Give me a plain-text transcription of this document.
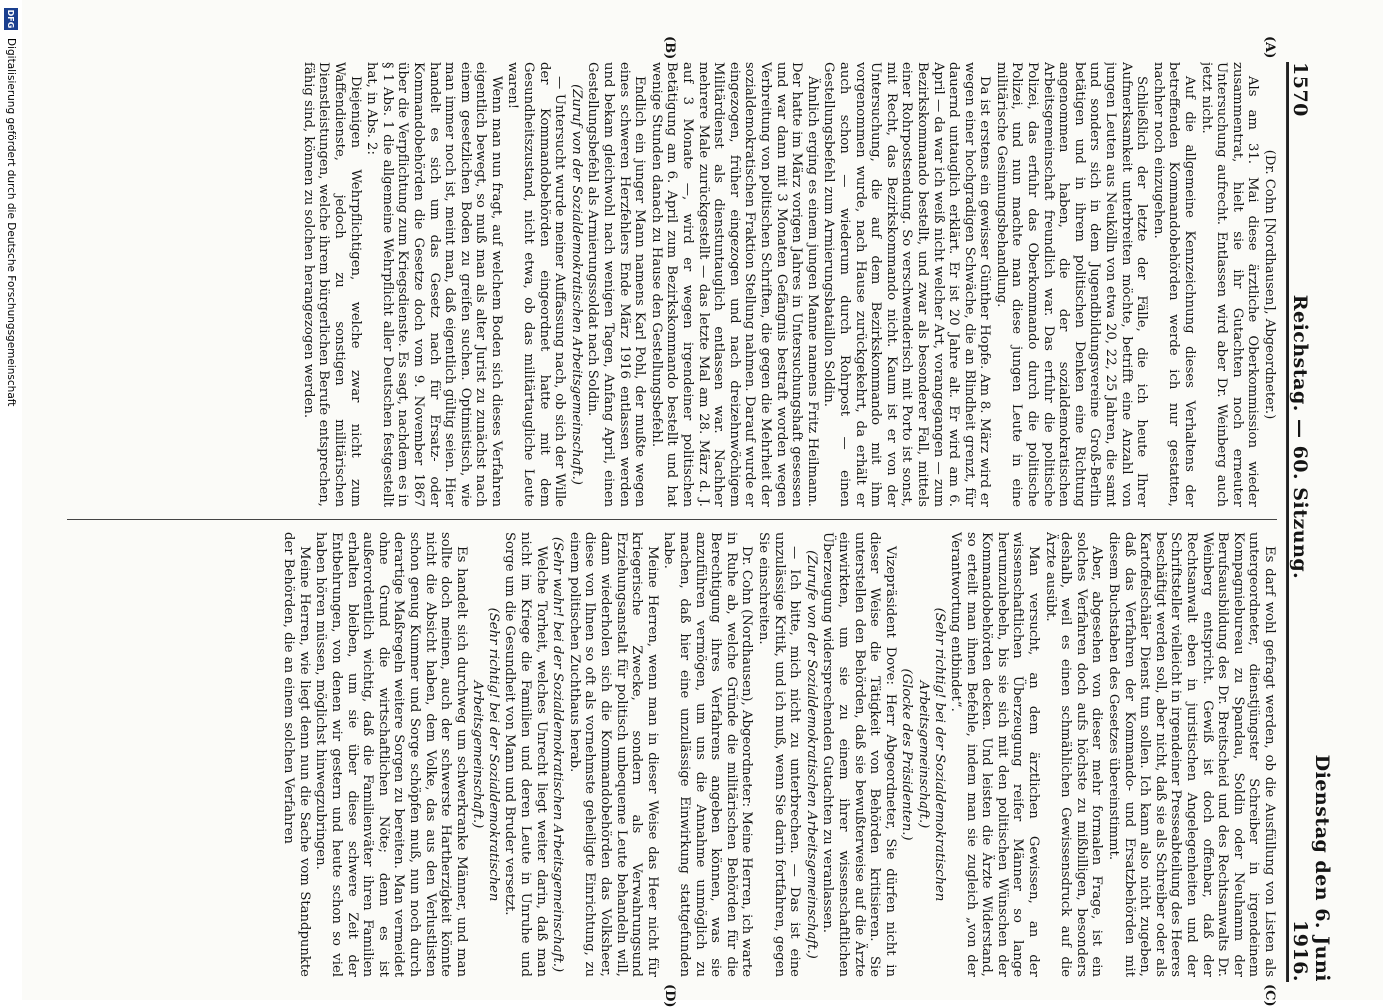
1570
Reichstag. — 60. Sitzung.
Dienstag den 6. Juni 1916.
(A)
(B)
(C)
(D)

(Dr. Cohn [Nordhausen], Abgeordneter.)

Als am 31. Mai diese ärztliche Oberkommission wieder zusammentrat, hielt sie ihr Gutachten noch erneuter Untersuchung aufrecht. Entlassen wird aber Dr. Weinberg auch jetzt nicht.

Auf die allgemeine Kennzeichnung dieses Verhaltens der betreffenden Kommandobehörden werde ich nur gestatten, nachher noch einzugehen.

Schließlich der letzte der Fälle, die ich heute Ihrer Aufmerksamkeit unterbreiten möchte, betrifft eine Anzahl von jungen Leuten aus Neukölln von etwa 20, 22, 25 Jahren, die samt und sonders sich in dem Jugendbildungsvereine Groß-Berlin betätigen und in ihrem politischen Denken eine Richtung angenommen haben, die der sozialdemokratischen Arbeitsgemeinschaft freundlich war. Das erfuhr die politische Polizei, das erfuhr das Oberkommando durch die politische Polizei, und nun machte man diese jungen Leute in eine militärische Gesinnungsbehandlung.

Da ist erstens ein gewisser Günther Hopfe. Am 8. März wird er wegen einer hochgradigen Schwäche, die an Blindheit grenzt, für dauernd untauglich erklärt. Er ist 20 Jahre alt. Er wird am 6. April — da war ich weiß nicht welcher Art, vorangegangen — zum Bezirkskommando bestellt, und zwar als besonderer Fall, mittels einer Rohrpostsendung. So verschwenderisch mit Porto ist sonst, mit Recht, das Bezirkskommando nicht. Kaum ist er von der Untersuchung, die auf dem Bezirkskommando mit ihm vorgenommen wurde, nach Hause zurückgekehrt, da erhält er auch schon — wiederum durch Rohrpost — einen Gestellungsbefehl zum Armierungsbataillon Soldin.

Ähnlich erging es einem jungen Manne namens Fritz Heilmann. Der hatte im März vorigen Jahres in Untersuchungshaft gesessen und war dann mit 3 Monaten Gefängnis bestraft worden wegen Verbreitung von politischen Schriften, die gegen die Mehrheit der sozialdemokratischen Fraktion Stellung nahmen. Darauf wurde er eingezogen, früher eingezogen und nach dreizehnwöchigem Militärdienst als dienstuntauglich entlassen war. Nachher mehrere Male zurückgestellt — das letzte Mal am 28. März d. J. auf 3 Monate —, wird er wegen irgendeiner politischen Betätigung am 6. April zum Bezirkskommando bestellt und hat wenige Stunden danach zu Hause den Gestellungsbefehl.

Endlich ein junger Mann namens Karl Pohl, der mußte wegen eines schweren Herzfehlers Ende März 1916 entlassen werden und bekam gleichwohl nach wenigen Tagen, Anfang April, einen Gestellungsbefehl als Armierungssoldat nach Soldin.

(Zuruf von der Sozialdemokratischen Arbeitsgemeinschaft.)

— Untersucht wurde meiner Auffassung nach, ob sich der Wille der Kommandobehörden eingeordnet hatte mit dem Gesundheitszustand, nicht etwa, ob das militärtaugliche Leute waren!

Wenn man nun fragt, auf welchem Boden sich dieses Verfahren eigentlich bewegt, so muß man als alter Jurist zu zunächst nach einem gesetzlichen Boden zu greifen suchen. Optimistisch, wie man immer noch ist, meint man, daß eigentlich gültig seien. Hier handelt es sich um das Gesetz nach für Ersatz- oder Kommandobehörden die Gesetze doch vom 9. November 1867 über die Verpflichtung zum Kriegsdienste. Es sagt, nachdem es in § 1 Abs. 1 die allgemeine Wehrpflicht aller Deutschen festgestellt hat, in Abs. 2:

Diejenigen Wehrpflichtigen, welche zwar nicht zum Waffendienste, jedoch zu sonstigen militärischen Dienstleistungen, welche ihrem bürgerlichen Berufe entsprechen, fähig sind, können zu solchen herangezogen werden.

Es darf wohl gefragt werden, ob die Ausfüllung von Listen als untergeordneter, dienstjüngster Schreiber in irgendeinem Kompagniebureau zu Spandau, Soldin oder Neuhamm der Berufsausbildung des Dr. Breitscheid und des Rechtsanwalts Dr. Weinberg entspricht. Gewiß ist doch offenbar, daß der Rechtsanwalt eben in juristischen Angelegenheiten und der Schriftsteller vielleicht in irgendeiner Presseabteilung des Heeres beschäftigt werden soll, aber nicht, daß sie als Schreiber oder als Kartoffelschäler Dienst tun sollen. Ich kann also nicht zugeben, daß das Verfahren der Kommando- und Ersatzbehörden mit diesem Buchstaben des Gesetzes übereinstimmt.

Aber, abgesehen von dieser mehr formalen Frage, ist ein solches Verfahren doch aufs höchste zu mißbilligen, besonders deshalb, weil es einen schmählichen Gewissensdruck auf die Ärzte ausübt.

Man versucht, an dem ärztlichen Gewissen, an der wissenschaftlichen Überzeugung reifer Männer so lange herumzuhebeln, bis sie sich mit den politischen Wünschen der Kommandobehörden decken. Und leisten die Ärzte Widerstand, so erteilt man ihnen Befehle, indem man sie zugleich „von der Verantwortung entbindet“.

(Sehr richtig! bei der Sozialdemokratischen Arbeitsgemeinschaft.)

(Glocke des Präsidenten.)

Vizepräsident Dove: Herr Abgeordneter, Sie dürfen nicht in dieser Weise die Tätigkeit von Behörden kritisieren. Sie unterstellen den Behörden, daß sie bewußterweise auf die Ärzte einwirkten, um sie zu einem ihrer wissenschaftlichen Überzeugung widersprechenden Gutachten zu veranlassen.

(Zurufe von der Sozialdemokratischen Arbeitsgemeinschaft.)

— Ich bitte, mich nicht zu unterbrechen. — Das ist eine unzulässige Kritik, und ich muß, wenn Sie darin fortfahren, gegen Sie einschreiten.

Dr. Cohn (Nordhausen), Abgeordneter: Meine Herren, ich warte in Ruhe ab, welche Gründe die militärischen Behörden für die Berechtigung ihres Verfahrens angeben können, was sie anzuführen vermögen, um uns die Annahme unmöglich zu machen, daß hier eine unzulässige Einwirkung stattgefunden habe.

Meine Herren, wenn man in dieser Weise das Heer nicht für kriegerische Zwecke, sondern als Verwahrungsund Erziehungsanstalt für politisch unbequeme Leute behandeln will, dann wiederholen sich die Kommandobehörden das Volksheer, diese von Ihnen so oft als vornehmste geheiligte Einrichtung, zu einem politischen Zuchthaus herab.

(Sehr wahr! bei der Sozialdemokratischen Arbeitsgemeinschaft.)

Welche Torheit, welches Unrecht liegt weiter darin, daß man nicht im Kriege die Familien und deren Leute in Unruhe und Sorge um die Gesundheit von Mann und Bruder versetzt.

(Sehr richtig! bei der Sozialdemokratischen Arbeitsgemeinschaft.)

Es handelt sich durchweg um schwerkranke Männer, und man sollte doch meinen, auch der schwerste Hartherzigkeit könnte nicht die Absicht haben, dem Volke, das aus den Verlustlisten schon genug Kummer und Sorge schöpfen muß, nun noch durch derartige Maßregeln weitere Sorgen zu bereiten. Man vermeidet ohne Grund die wirtschaftlichen Nöte; denn es ist außerordentlich wichtig, daß die Familienväter ihren Familien erhalten bleiben, um sie über diese schwere Zeit der Entbehrungen, von denen wir gestern und heute schon so viel haben hören müssen, möglichst hinwegzubringen.

Meine Herren, wie liegt denn nun die Sache vom Standpunkte der Behörden, die an einem solchen Verfahren

DFG
Digitalisierung gefördert durch die Deutsche Forschungsgemeinschaft
